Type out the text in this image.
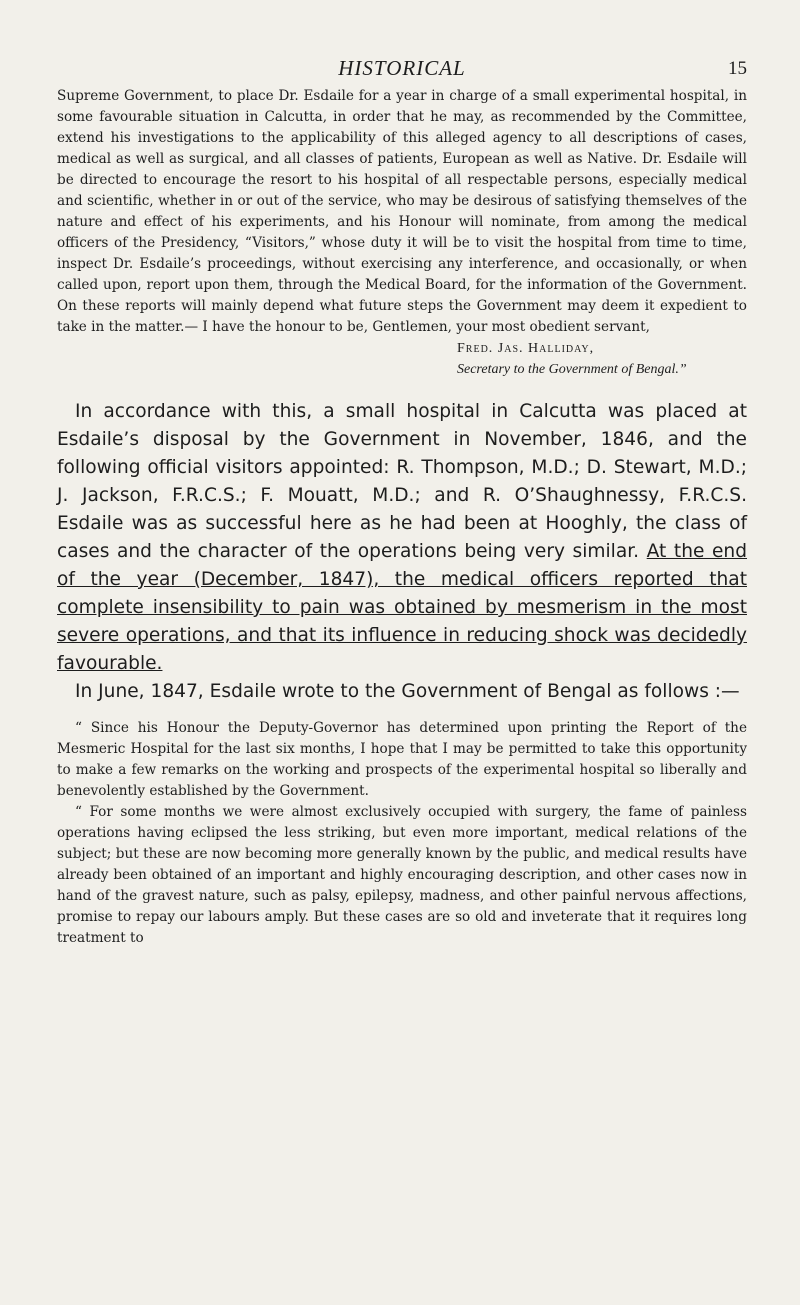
HISTORICAL	15

Supreme Government, to place Dr. Esdaile for a year in charge of a small experimental hospital, in some favourable situation in Calcutta, in order that he may, as recommended by the Committee, extend his investigations to the applicability of this alleged agency to all descriptions of cases, medical as well as surgical, and all classes of patients, European as well as Native. Dr. Esdaile will be directed to encourage the resort to his hospital of all respectable persons, especially medical and scientific, whether in or out of the service, who may be desirous of satisfying themselves of the nature and effect of his experiments, and his Honour will nominate, from among the medical officers of the Presidency, “Visitors,” whose duty it will be to visit the hospital from time to time, inspect Dr. Esdaile’s proceedings, without exercising any interference, and occasionally, or when called upon, report upon them, through the Medical Board, for the information of the Government. On these reports will mainly depend what future steps the Government may deem it expedient to take in the matter.— I have the honour to be, Gentlemen, your most obedient servant,

Fred. Jas. Halliday,

Secretary to the Government of Bengal.”

In accordance with this, a small hospital in Calcutta was placed at Esdaile’s disposal by the Government in November, 1846, and the following official visitors appointed: R. Thompson, M.D.; D. Stewart, M.D.; J. Jackson, F.R.C.S.; F. Mouatt, M.D.; and R. O’Shaughnessy, F.R.C.S. Esdaile was as successful here as he had been at Hooghly, the class of cases and the character of the operations being very similar. At the end of the year (December, 1847), the medical officers reported that complete insensibility to pain was obtained by mesmerism in the most severe operations, and that its influence in reducing shock was decidedly favourable.

In June, 1847, Esdaile wrote to the Government of Bengal as follows :—

“ Since his Honour the Deputy-Governor has determined upon printing the Report of the Mesmeric Hospital for the last six months, I hope that I may be permitted to take this opportunity to make a few remarks on the working and prospects of the experimental hospital so liberally and benevolently established by the Government.

“ For some months we were almost exclusively occupied with surgery, the fame of painless operations having eclipsed the less striking, but even more important, medical relations of the subject; but these are now becoming more generally known by the public, and medical results have already been obtained of an important and highly encouraging description, and other cases now in hand of the gravest nature, such as palsy, epilepsy, madness, and other painful nervous affections, promise to repay our labours amply. But these cases are so old and inveterate that it requires long treatment to
